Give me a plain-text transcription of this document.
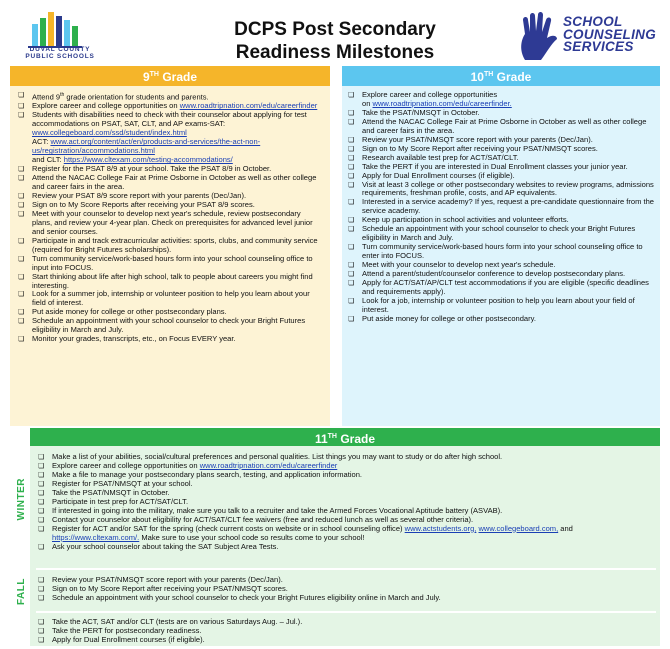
DUVAL COUNTY
PUBLIC SCHOOLS
DCPS Post Secondary
Readiness Milestones
SCHOOL
COUNSELING
SERVICES
9TH Grade
❏ Attend 9th grade orientation for students and parents.
❏ Explore career and college opportunities on www.roadtripnation.com/edu/careerfinder
❏ Students with disabilities need to check with their counselor about applying for test accommodations on PSAT, SAT, CLT, and AP exams-SAT: www.collegeboard.com/ssd/student/index.html
ACT: www.act.org/content/act/en/products-and-services/the-act-non-us/registration/accommodations.html
and CLT: https://www.cltexam.com/testing-accommodations/
❏ Register for the PSAT 8/9 at your school. Take the PSAT 8/9 in October.
❏ Attend the NACAC College Fair at Prime Osborne in October as well as other college and career fairs in the area.
❏ Review your PSAT 8/9 score report with your parents (Dec/Jan).
❏ Sign on to My Score Reports after receiving your PSAT 8/9 scores.
❏ Meet with your counselor to develop next year's schedule, review postsecondary plans, and review your 4-year plan. Check on prerequisites for advanced level junior and senior courses.
❏ Participate in and track extracurricular activities: sports, clubs, and community service (required for Bright Futures scholarships).
❏ Turn community service/work-based hours form into your school counseling office to input into FOCUS.
❏ Start thinking about life after high school, talk to people about careers you might find interesting.
❏ Look for a summer job, internship or volunteer position to help you learn about your field of interest.
❏ Put aside money for college or other postsecondary plans.
❏ Schedule an appointment with your school counselor to check your Bright Futures eligibility in March and July.
❏ Monitor your grades, transcripts, etc., on Focus EVERY year.
10TH Grade
❏ Explore career and college opportunities
on www.roadtripnation.com/edu/careerfinder.
❏ Take the PSAT/NMSQT in October.
❏ Attend the NACAC College Fair at Prime Osborne in October as well as other college and career fairs in the area.
❏ Review your PSAT/NMSQT score report with your parents (Dec/Jan).
❏ Sign on to My Score Report after receiving your PSAT/NMSQT scores.
❏ Research available test prep for ACT/SAT/CLT.
❏ Take the PERT if you are interested in Dual Enrollment classes your junior year.
❏ Apply for Dual Enrollment courses (if eligible).
❏ Visit at least 3 college or other postsecondary websites to review programs, admissions requirements, freshman profile, costs, and AP equivalents.
❏ Interested in a service academy? If yes, request a pre-candidate questionnaire from the service academy.
❏ Keep up participation in school activities and volunteer efforts.
❏ Schedule an appointment with your school counselor to check your Bright Futures eligibility in March and July.
❏ Turn community service/work-based hours form into your school counseling office to enter into FOCUS.
❏ Meet with your counselor to develop next year's schedule.
❏ Attend a parent/student/counselor conference to develop postsecondary plans.
❏ Apply for ACT/SAT/AP/CLT test accommodations if you are eligible (specific deadlines and requirements apply).
❏ Look for a job, internship or volunteer position to help you learn about your field of interest.
❏ Put aside money for college or other postsecondary.
11TH Grade
WINTER
FALL
❏ Make a list of your abilities, social/cultural preferences and personal qualities. List things you may want to study or do after high school.
❏ Explore career and college opportunities on www.roadtripnation.com/edu/careerfinder
❏ Make a file to manage your postsecondary plans search, testing, and application information.
❏ Register for PSAT/NMSQT at your school.
❏ Take the PSAT/NMSQT in October.
❏ Participate in test prep for ACT/SAT/CLT.
❏ If interested in going into the military, make sure you talk to a recruiter and take the Armed Forces Vocational Aptitude battery (ASVAB).
❏ Contact your counselor about eligibility for ACT/SAT/CLT fee waivers (free and reduced lunch as well as several other criteria).
❏ Register for ACT and/or SAT for the spring (check current costs on website or in school counseling office) www.actstudents.org, www.collegeboard.com, and https://www.cltexam.com/. Make sure to use your school code so results come to your school!
❏ Ask your school counselor about taking the SAT Subject Area Tests.
❏ Review your PSAT/NMSQT score report with your parents (Dec/Jan).
❏ Sign on to My Score Report after receiving your PSAT/NMSQT scores.
❏ Schedule an appointment with your school counselor to check your Bright Futures eligibility online in March and July.
❏ Take the ACT, SAT and/or CLT (tests are on various Saturdays Aug. – Jul.).
❏ Take the PERT for postsecondary readiness.
❏ Apply for Dual Enrollment courses (if eligible).
